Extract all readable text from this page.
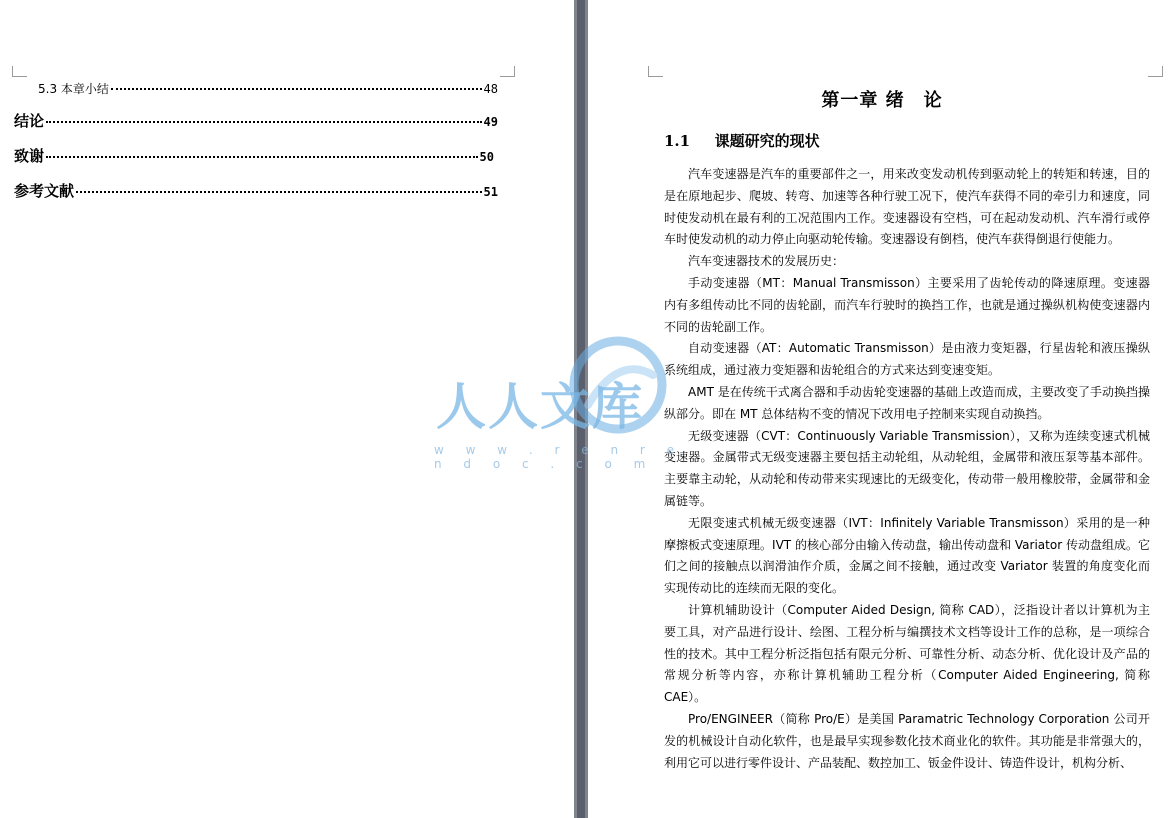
5.3 本章小结	48
结论	49
致谢	50
参考文献	51
第一章 绪　论
1.1 课题研究的现状

汽车变速器是汽车的重要部件之一，用来改变发动机传到驱动轮上的转矩和转速，目的是在原地起步、爬坡、转弯、加速等各种行驶工况下，使汽车获得不同的牵引力和速度，同时使发动机在最有利的工况范围内工作。变速器设有空档，可在起动发动机、汽车滑行或停车时使发动机的动力停止向驱动轮传输。变速器设有倒档，使汽车获得倒退行使能力。

汽车变速器技术的发展历史：

手动变速器（MT：Manual Transmisson）主要采用了齿轮传动的降速原理。变速器内有多组传动比不同的齿轮副，而汽车行驶时的换挡工作，也就是通过操纵机构使变速器内不同的齿轮副工作。

自动变速器（AT：Automatic Transmisson）是由液力变矩器，行星齿轮和液压操纵系统组成，通过液力变矩器和齿轮组合的方式来达到变速变矩。

AMT 是在传统干式离合器和手动齿轮变速器的基础上改造而成，主要改变了手动换挡操纵部分。即在 MT 总体结构不变的情况下改用电子控制来实现自动换挡。

无级变速器（CVT：Continuously Variable Transmission），又称为连续变速式机械变速器。金属带式无级变速器主要包括主动轮组，从动轮组，金属带和液压泵等基本部件。主要靠主动轮，从动轮和传动带来实现速比的无级变化，传动带一般用橡胶带，金属带和金属链等。

无限变速式机械无级变速器（IVT：Infinitely Variable Transmisson）采用的是一种摩擦板式变速原理。IVT 的核心部分由输入传动盘，输出传动盘和 Variator 传动盘组成。它们之间的接触点以润滑油作介质，金属之间不接触，通过改变 Variator 装置的角度变化而实现传动比的连续而无限的变化。

计算机辅助设计（Computer Aided Design, 简称 CAD），泛指设计者以计算机为主要工具，对产品进行设计、绘图、工程分析与编撰技术文档等设计工作的总称，是一项综合性的技术。其中工程分析泛指包括有限元分析、可靠性分析、动态分析、优化设计及产品的常规分析等内容，亦称计算机辅助工程分析（Computer Aided Engineering, 简称 CAE）。

Pro/ENGINEER（简称 Pro/E）是美国 Paramatric Technology Corporation 公司开发的机械设计自动化软件，也是最早实现参数化技术商业化的软件。其功能是非常强大的，利用它可以进行零件设计、产品装配、数控加工、钣金件设计、铸造件设计，机构分析、

人人文库
w w w . r e n r e n d o c . c o m
